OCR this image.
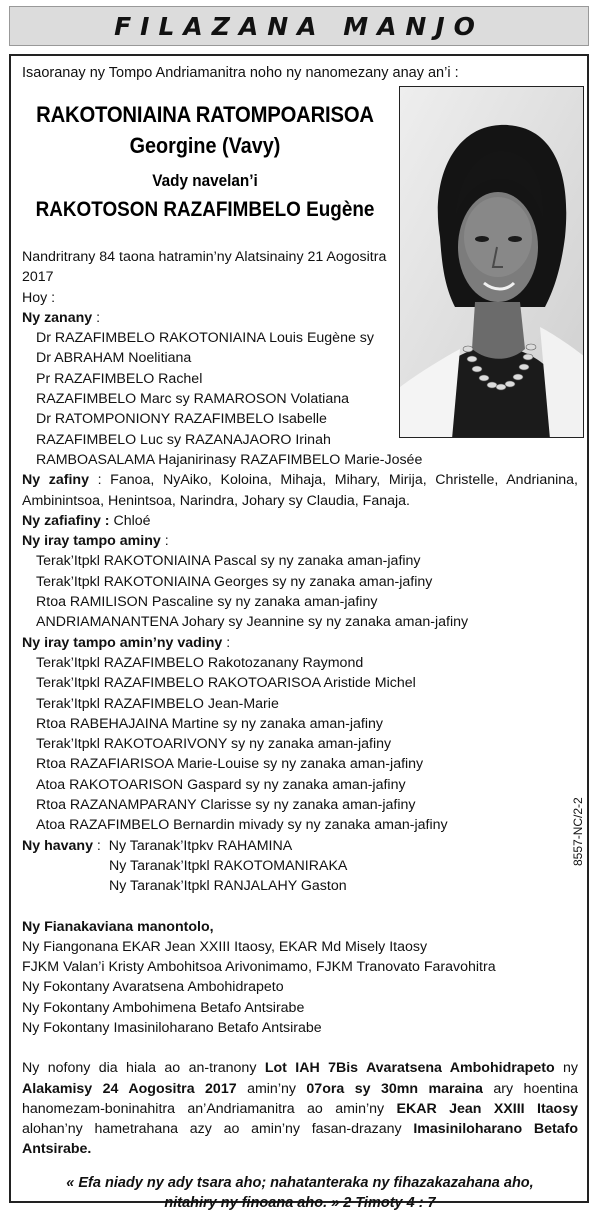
FILAZANA MANJO
Isaoranay ny Tompo Andriamanitra noho ny nanomezany anay an’i :
RAKOTONIAINA RATOMPOARISOA
Georgine (Vavy)
Vady navelan’i
RAKOTOSON RAZAFIMBELO Eugène
Nandritrany 84 taona hatramin’ny Alatsinainy 21 Aogositra 2017
Hoy :
Ny zanany :
Dr RAZAFIMBELO RAKOTONIAINA Louis Eugène sy
Dr ABRAHAM Noelitiana
Pr RAZAFIMBELO Rachel
RAZAFIMBELO Marc sy RAMAROSON Volatiana
Dr RATOMPONIONY RAZAFIMBELO Isabelle
RAZAFIMBELO Luc sy RAZANAJAORO Irinah
RAMBOASALAMA Hajanirinasy RAZAFIMBELO Marie-Josée
Ny zafiny : Fanoa, NyAiko, Koloina, Mihaja, Mihary, Mirija, Christelle, Andrianina, Ambinintsoa, Henintsoa, Narindra, Johary sy Claudia, Fanaja.
Ny zafiafiny : Chloé
Ny iray tampo aminy :
Terak’Itpkl RAKOTONIAINA Pascal sy ny zanaka aman-jafiny
Terak’Itpkl RAKOTONIAINA Georges sy ny zanaka aman-jafiny
Rtoa RAMILISON Pascaline sy ny zanaka aman-jafiny
ANDRIAMANANTENA Johary sy Jeannine sy ny zanaka aman-jafiny
Ny iray tampo amin’ny vadiny :
Terak’Itpkl RAZAFIMBELO Rakotozanany Raymond
Terak’Itpkl RAZAFIMBELO RAKOTOARISOA Aristide Michel
Terak’Itpkl RAZAFIMBELO Jean-Marie
Rtoa RABEHAJAINA Martine sy ny zanaka aman-jafiny
Terak’Itpkl RAKOTOARIVONY sy ny zanaka aman-jafiny
Rtoa RAZAFIARISOA Marie-Louise sy ny zanaka aman-jafiny
Atoa RAKOTOARISON Gaspard sy ny zanaka aman-jafiny
Rtoa RAZANAMPARANY Clarisse sy ny zanaka aman-jafiny
Atoa RAZAFIMBELO Bernardin mivady sy ny zanaka aman-jafiny
Ny havany : Ny Taranak’Itpkv RAHAMINA
Ny Taranak’Itpkl RAKOTOMANIRAKA
Ny Taranak’Itpkl RANJALAHY Gaston
Ny Fianakaviana manontolo,
Ny Fiangonana EKAR Jean XXIII Itaosy, EKAR Md Misely Itaosy
FJKM Valan’i Kristy Ambohitsoa Arivonimamo, FJKM Tranovato Faravohitra
Ny Fokontany Avaratsena Ambohidrapeto
Ny Fokontany Ambohimena Betafo Antsirabe
Ny Fokontany Imasiniloharano Betafo Antsirabe
Ny nofony dia hiala ao an-tranony Lot IAH 7Bis Avaratsena Ambohidrapeto ny Alakamisy 24 Aogositra 2017 amin’ny 07ora sy 30mn maraina ary hoentina hanomezam-boninahitra an’Andriamanitra ao amin’ny EKAR Jean XXIII Itaosy alohan’ny hametrahana azy ao amin’ny fasan-drazany Imasiniloharano Betafo Antsirabe.
« Efa niady ny ady tsara aho; nahatanteraka ny fihazakazahana aho,
nitahiry ny finoana aho. » 2 Timoty 4 : 7
8557-NC/2-2
